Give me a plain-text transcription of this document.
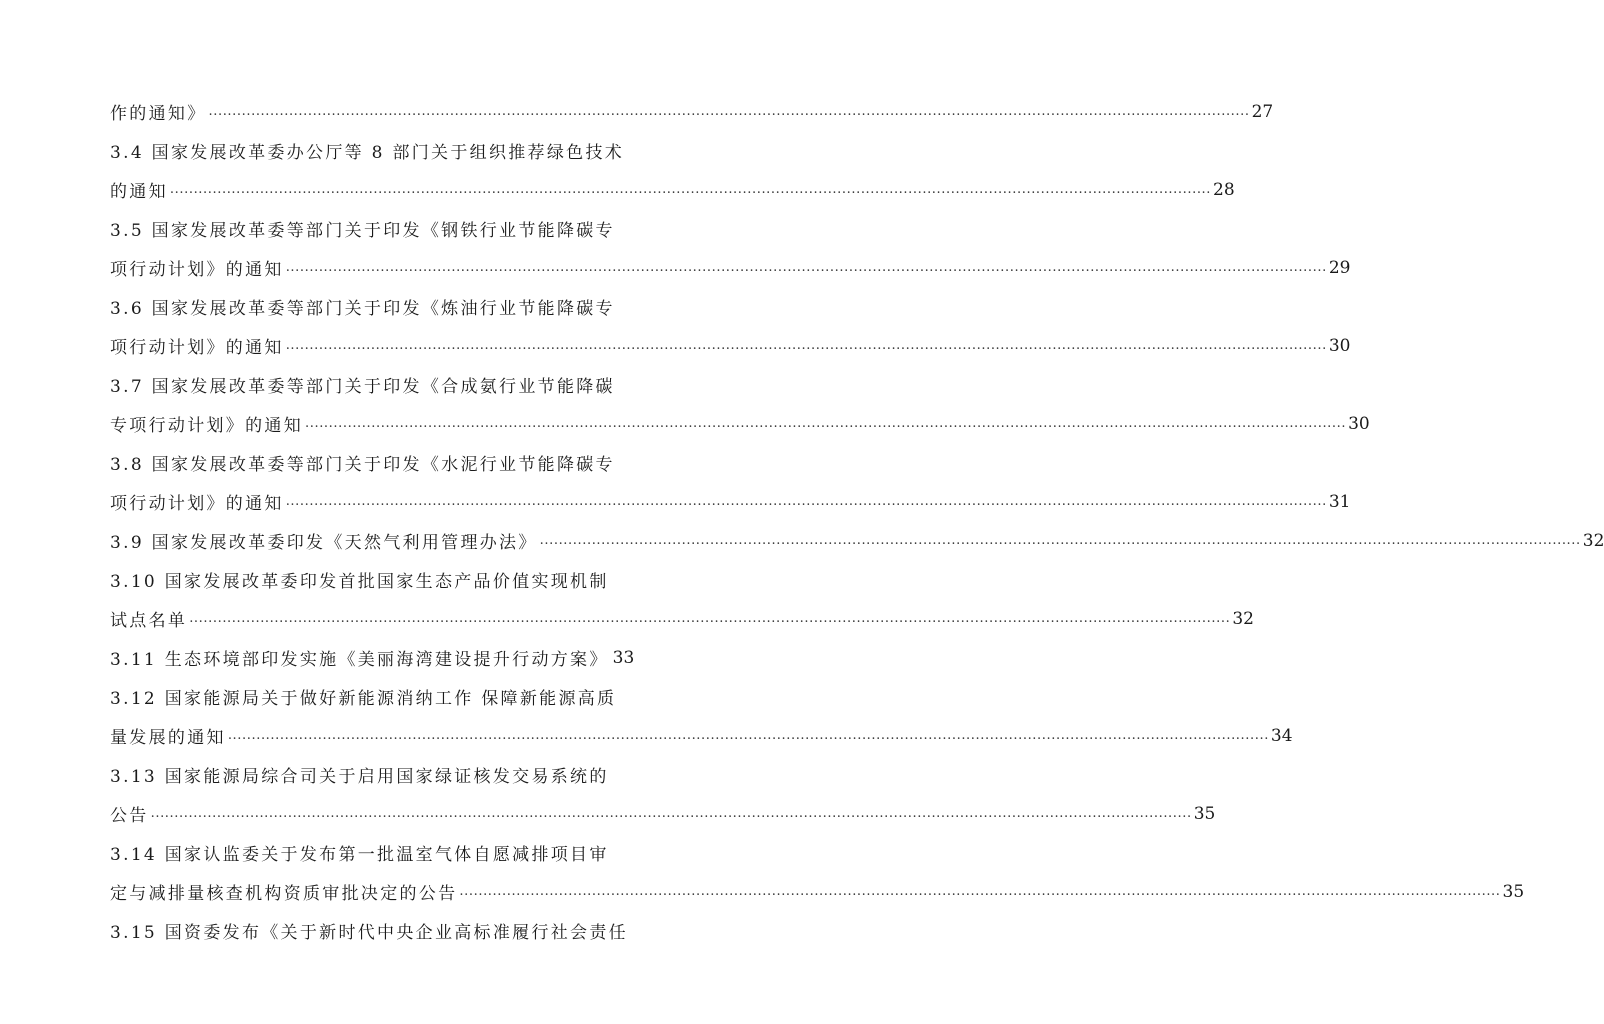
作的通知》 ............................................................................................................................................................................................................................ 27
3.4 国家发展改革委办公厅等 8 部门关于组织推荐绿色技术
的通知 ............................................................................................................................................................................................................................ 28
3.5 国家发展改革委等部门关于印发《钢铁行业节能降碳专
项行动计划》的通知 ............................................................................................................................................................................................................................ 29
3.6 国家发展改革委等部门关于印发《炼油行业节能降碳专
项行动计划》的通知 ............................................................................................................................................................................................................................ 30
3.7 国家发展改革委等部门关于印发《合成氨行业节能降碳
专项行动计划》的通知 ............................................................................................................................................................................................................................ 30
3.8 国家发展改革委等部门关于印发《水泥行业节能降碳专
项行动计划》的通知 ............................................................................................................................................................................................................................ 31
3.9 国家发展改革委印发《天然气利用管理办法》 ............................................................................................................................................................................................................................ 32
3.10 国家发展改革委印发首批国家生态产品价值实现机制
试点名单 ............................................................................................................................................................................................................................ 32
3.11 生态环境部印发实施《美丽海湾建设提升行动方案》 33
3.12 国家能源局关于做好新能源消纳工作 保障新能源高质
量发展的通知 ............................................................................................................................................................................................................................ 34
3.13 国家能源局综合司关于启用国家绿证核发交易系统的
公告 ............................................................................................................................................................................................................................ 35
3.14 国家认监委关于发布第一批温室气体自愿减排项目审
定与减排量核查机构资质审批决定的公告 ............................................................................................................................................................................................................................ 35
3.15 国资委发布《关于新时代中央企业高标准履行社会责任
